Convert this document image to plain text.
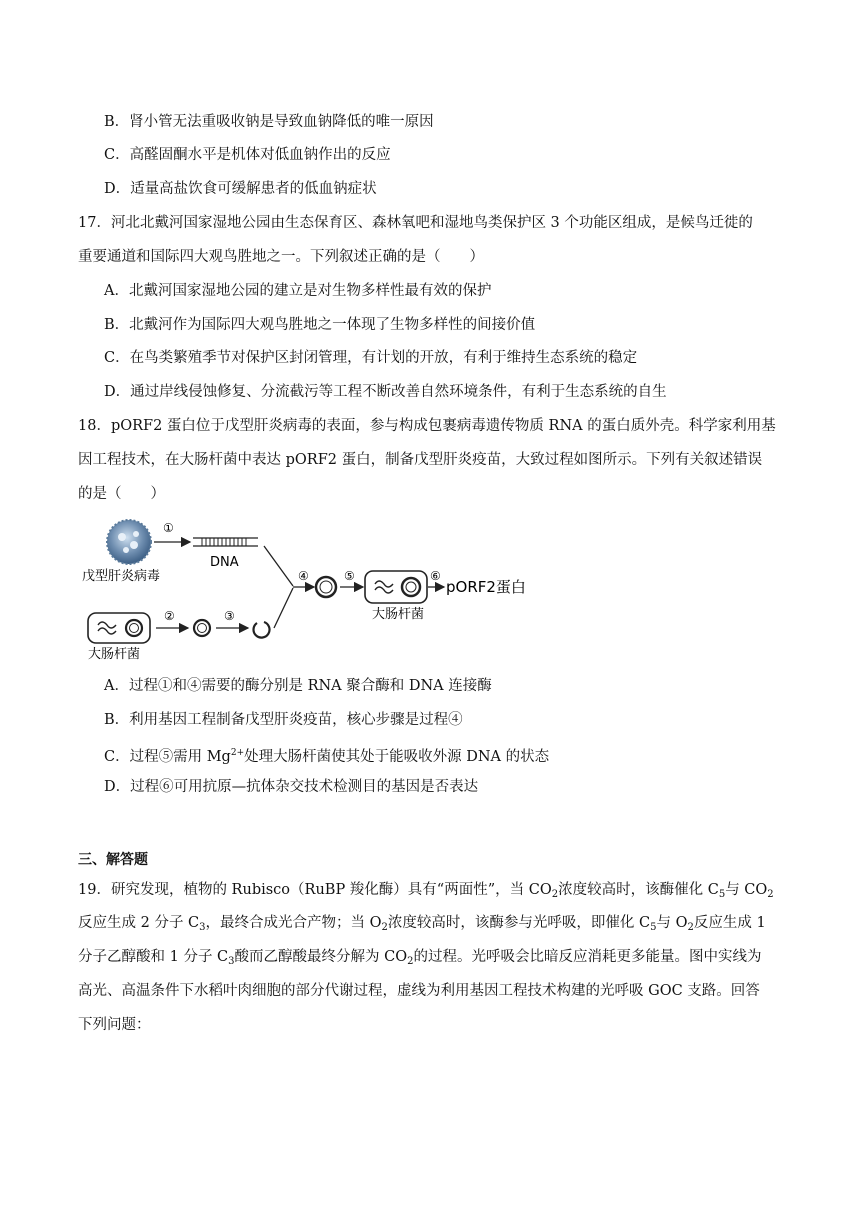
B．肾小管无法重吸收钠是导致血钠降低的唯一原因
C．高醛固酮水平是机体对低血钠作出的反应
D．适量高盐饮食可缓解患者的低血钠症状
17．河北北戴河国家湿地公园由生态保育区、森林氧吧和湿地鸟类保护区 3 个功能区组成，是候鸟迁徙的
重要通道和国际四大观鸟胜地之一。下列叙述正确的是（　　）
A．北戴河国家湿地公园的建立是对生物多样性最有效的保护
B．北戴河作为国际四大观鸟胜地之一体现了生物多样性的间接价值
C．在鸟类繁殖季节对保护区封闭管理，有计划的开放，有利于维持生态系统的稳定
D．通过岸线侵蚀修复、分流截污等工程不断改善自然环境条件，有利于生态系统的自生
18．pORF2 蛋白位于戊型肝炎病毒的表面，参与构成包裹病毒遗传物质 RNA 的蛋白质外壳。科学家利用基
因工程技术，在大肠杆菌中表达 pORF2 蛋白，制备戊型肝炎疫苗，大致过程如图所示。下列有关叙述错误
的是（　　）
戊型肝炎病毒
①
DNA
④	⑤
大肠杆菌
⑥
pORF2蛋白
大肠杆菌
②	③
A．过程①和④需要的酶分别是 RNA 聚合酶和 DNA 连接酶
B．利用基因工程制备戊型肝炎疫苗，核心步骤是过程④
C．过程⑤需用 $Mg^{2+}$处理大肠杆菌使其处于能吸收外源 DNA 的状态
D．过程⑥可用抗原—抗体杂交技术检测目的基因是否表达
三、解答题
19．研究发现，植物的 Rubisco（RuBP 羧化酶）具有“两面性”，当 $CO_2$浓度较高时，该酶催化 $C_5$与 $CO_2$
反应生成 2 分子 $C_3$，最终合成光合产物；当 $O_2$浓度较高时，该酶参与光呼吸，即催化 $C_5$与 $O_2$反应生成 1
分子乙醇酸和 1 分子 $C_3$酸而乙醇酸最终分解为 $CO_2$的过程。光呼吸会比暗反应消耗更多能量。图中实线为
高光、高温条件下水稻叶肉细胞的部分代谢过程，虚线为利用基因工程技术构建的光呼吸 GOC 支路。回答
下列问题：
